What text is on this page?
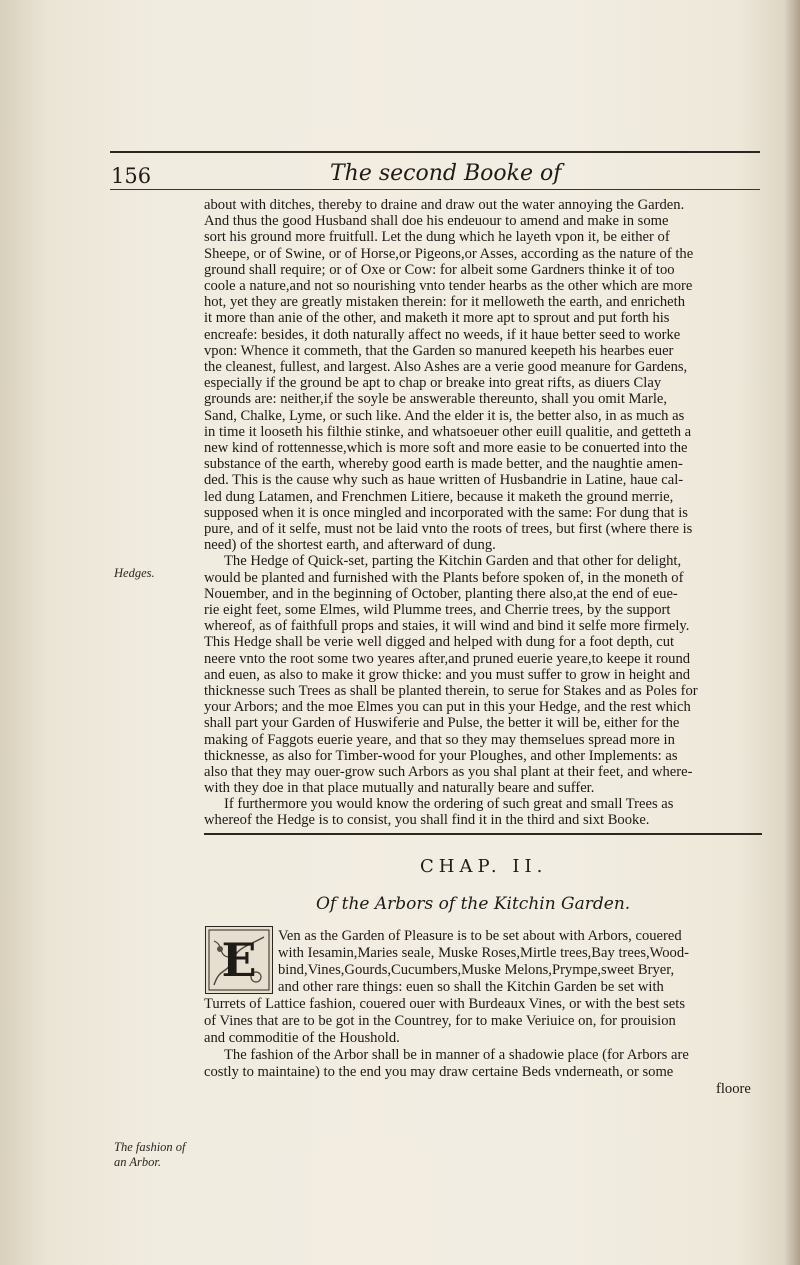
156	The second Booke of
Hedges.
The fashion of
an Arbor.
about with ditches, thereby to draine and draw out the water annoying the Garden.
And thus the good Husband shall doe his endeuour to amend and make in some
sort his ground more fruitfull. Let the dung which he layeth vpon it, be either of
Sheepe, or of Swine, or of Horse,or Pigeons,or Asses, according as the nature of the
ground shall require; or of Oxe or Cow: for albeit some Gardners thinke it of too
coole a nature,and not so nourishing vnto tender hearbs as the other which are more
hot, yet they are greatly mistaken therein: for it melloweth the earth, and enricheth
it more than anie of the other, and maketh it more apt to sprout and put forth his
encreafe: besides, it doth naturally affect no weeds, if it haue better seed to worke
vpon: Whence it commeth, that the Garden so manured keepeth his hearbes euer
the cleanest, fullest, and largest. Also Ashes are a verie good meanure for Gardens,
especially if the ground be apt to chap or breake into great rifts, as diuers Clay
grounds are: neither,if the soyle be answerable thereunto, shall you omit Marle,
Sand, Chalke, Lyme, or such like. And the elder it is, the better also, in as much as
in time it looseth his filthie stinke, and whatsoeuer other euill qualitie, and getteth a
new kind of rottennesse,which is more soft and more easie to be conuerted into the
substance of the earth, whereby good earth is made better, and the naughtie amen-
ded. This is the cause why such as haue written of Husbandrie in Latine, haue cal-
led dung Latamen, and Frenchmen Litiere, because it maketh the ground merrie,
supposed when it is once mingled and incorporated with the same: For dung that is
pure, and of it selfe, must not be laid vnto the roots of trees, but first (where there is
need) of the shortest earth, and afterward of dung.
The Hedge of Quick-set, parting the Kitchin Garden and that other for delight,
would be planted and furnished with the Plants before spoken of, in the moneth of
Nouember, and in the beginning of October, planting there also,at the end of eue-
rie eight feet, some Elmes, wild Plumme trees, and Cherrie trees, by the support
whereof, as of faithfull props and staies, it will wind and bind it selfe more firmely.
This Hedge shall be verie well digged and helped with dung for a foot depth, cut
neere vnto the root some two yeares after,and pruned euerie yeare,to keepe it round
and euen, as also to make it grow thicke: and you must suffer to grow in height and
thicknesse such Trees as shall be planted therein, to serue for Stakes and as Poles for
your Arbors; and the moe Elmes you can put in this your Hedge, and the rest which
shall part your Garden of Huswiferie and Pulse, the better it will be, either for the
making of Faggots euerie yeare, and that so they may themselues spread more in
thicknesse, as also for Timber-wood for your Ploughes, and other Implements: as
also that they may ouer-grow such Arbors as you shal plant at their feet, and where-
with they doe in that place mutually and naturally beare and suffer.
If furthermore you would know the ordering of such great and small Trees as
whereof the Hedge is to consist, you shall find it in the third and sixt Booke.
CHAP. II.
Of the Arbors of the Kitchin Garden.
E	Ven as the Garden of Pleasure is to be set about with Arbors, couered
with Iesamin,Maries seale, Muske Roses,Mirtle trees,Bay trees,Wood-
bind,Vines,Gourds,Cucumbers,Muske Melons,Prympe,sweet Bryer,
and other rare things: euen so shall the Kitchin Garden be set with
Turrets of Lattice fashion, couered ouer with Burdeaux Vines, or with the best sets
of Vines that are to be got in the Countrey, for to make Veriuice on, for prouision
and commoditie of the Houshold.
The fashion of the Arbor shall be in manner of a shadowie place (for Arbors are
costly to maintaine) to the end you may draw certaine Beds vnderneath, or some
floore
